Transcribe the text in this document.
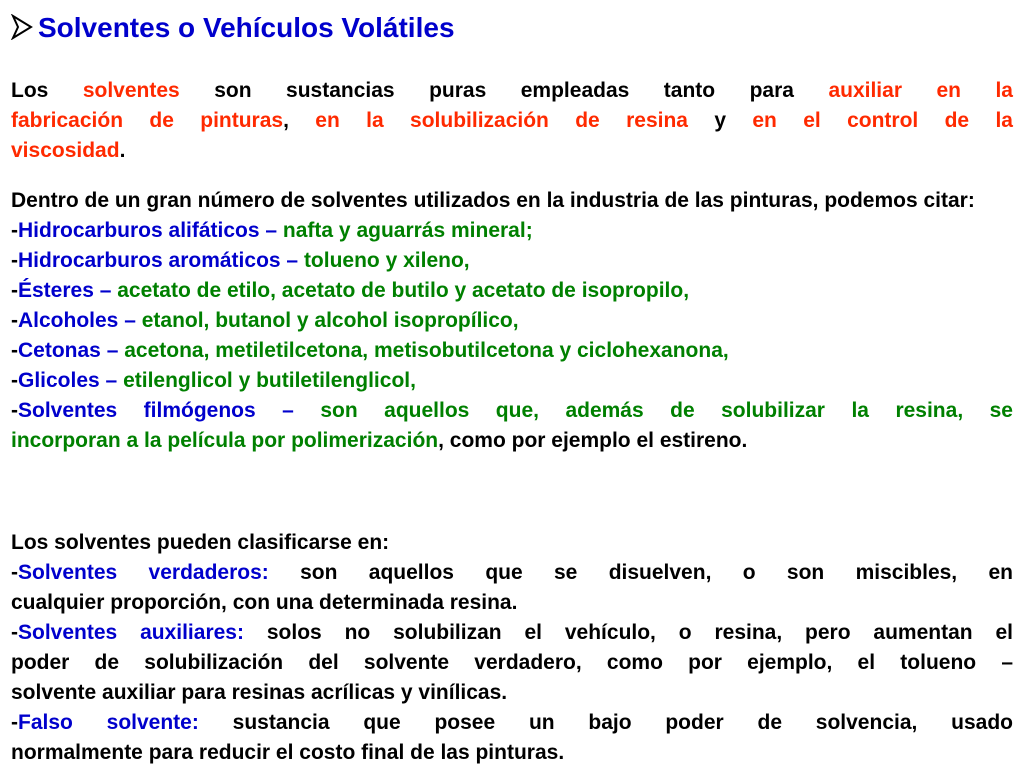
Solventes o Vehículos Volátiles
Los solventes son sustancias puras empleadas tanto para auxiliar en la
fabricación de pinturas, en la solubilización de resina y en el control de la
viscosidad.
Dentro de un gran número de solventes utilizados en la industria de las pinturas, podemos citar:
-Hidrocarburos alifáticos – nafta y aguarrás mineral;
-Hidrocarburos aromáticos – tolueno y xileno,
-Ésteres – acetato de etilo, acetato de butilo y acetato de isopropilo,
-Alcoholes – etanol, butanol y alcohol isopropílico,
-Cetonas – acetona, metiletilcetona, metisobutilcetona y ciclohexanona,
-Glicoles – etilenglicol y butiletilenglicol,
-Solventes filmógenos – son aquellos que, además de solubilizar la resina, se
incorporan a la película por polimerización, como por ejemplo el estireno.
Los solventes pueden clasificarse en:
-Solventes verdaderos: son aquellos que se disuelven, o son miscibles, en
cualquier proporción, con una determinada resina.
-Solventes auxiliares: solos no solubilizan el vehículo, o resina, pero aumentan el
poder de solubilización del solvente verdadero, como por ejemplo, el tolueno –
solvente auxiliar para resinas acrílicas y vinílicas.
-Falso solvente: sustancia que posee un bajo poder de solvencia, usado
normalmente para reducir el costo final de las pinturas.
